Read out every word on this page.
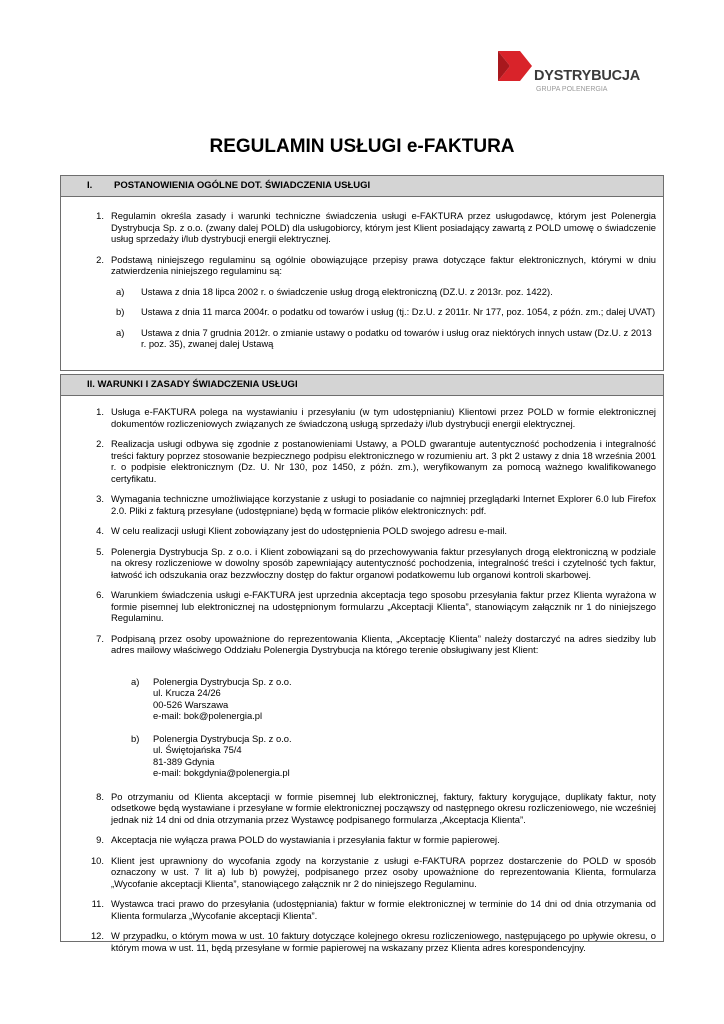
DYSTRYBUCJA
GRUPA POLENERGIA
REGULAMIN USŁUGI e-FAKTURA
I. POSTANOWIENIA OGÓLNE DOT. ŚWIADCZENIA USŁUGI
1. Regulamin określa zasady i warunki techniczne świadczenia usługi e-FAKTURA przez usługodawcę, którym jest Polenergia Dystrybucja Sp. z o.o. (zwany dalej POLD) dla usługobiorcy, którym jest Klient posiadający zawartą z POLD umowę o świadczenie usług sprzedaży i/lub dystrybucji energii elektrycznej.
2. Podstawą niniejszego regulaminu są ogólnie obowiązujące przepisy prawa dotyczące faktur elektronicznych, którymi w dniu zatwierdzenia niniejszego regulaminu są:
a) Ustawa z dnia 18 lipca 2002 r. o świadczenie usług drogą elektroniczną (DZ.U. z 2013r. poz. 1422).
b) Ustawa z dnia 11 marca 2004r. o podatku od towarów i usług (tj.: Dz.U. z 2011r. Nr 177, poz. 1054, z późn. zm.; dalej UVAT)
a) Ustawa z dnia 7 grudnia 2012r. o zmianie ustawy o podatku od towarów i usług oraz niektórych innych ustaw (Dz.U. z 2013 r. poz. 35), zwanej dalej Ustawą
II. WARUNKI I ZASADY ŚWIADCZENIA USŁUGI
1. Usługa e-FAKTURA polega na wystawianiu i przesyłaniu (w tym udostępnianiu) Klientowi przez POLD w formie elektronicznej dokumentów rozliczeniowych związanych ze świadczoną usługą sprzedaży i/lub dystrybucji energii elektrycznej.
2. Realizacja usługi odbywa się zgodnie z postanowieniami Ustawy, a POLD gwarantuje autentyczność pochodzenia i integralność treści faktury poprzez stosowanie bezpiecznego podpisu elektronicznego w rozumieniu art. 3 pkt 2 ustawy z dnia 18 września 2001 r. o podpisie elektronicznym (Dz. U. Nr 130, poz 1450, z późn. zm.), weryfikowanym za pomocą ważnego kwalifikowanego certyfikatu.
3. Wymagania techniczne umożliwiające korzystanie z usługi to posiadanie co najmniej przeglądarki Internet Explorer 6.0 lub Firefox 2.0. Pliki z fakturą przesyłane (udostępniane) będą w formacie plików elektronicznych: pdf.
4. W celu realizacji usługi Klient zobowiązany jest do udostępnienia POLD swojego adresu e-mail.
5. Polenergia Dystrybucja Sp. z o.o. i Klient zobowiązani są do przechowywania faktur przesyłanych drogą elektroniczną w podziale na okresy rozliczeniowe w dowolny sposób zapewniający autentyczność pochodzenia, integralność treści i czytelność tych faktur, łatwość ich odszukania oraz bezzwłoczny dostęp do faktur organowi podatkowemu lub organowi kontroli skarbowej.
6. Warunkiem świadczenia usługi e-FAKTURA jest uprzednia akceptacja tego sposobu przesyłania faktur przez Klienta wyrażona w formie pisemnej lub elektronicznej na udostępnionym formularzu „Akceptacji Klienta”, stanowiącym załącznik nr 1 do niniejszego Regulaminu.
7. Podpisaną przez osoby upoważnione do reprezentowania Klienta, „Akceptację Klienta” należy dostarczyć na adres siedziby lub adres mailowy właściwego Oddziału Polenergia Dystrybucja na którego terenie obsługiwany jest Klient:
a) Polenergia Dystrybucja Sp. z o.o.
ul. Krucza 24/26
00-526 Warszawa
e-mail: bok@polenergia.pl
b) Polenergia Dystrybucja Sp. z o.o.
ul. Świętojańska 75/4
81-389 Gdynia
e-mail: bokgdynia@polenergia.pl
8. Po otrzymaniu od Klienta akceptacji w formie pisemnej lub elektronicznej, faktury, faktury korygujące, duplikaty faktur, noty odsetkowe będą wystawiane i przesyłane w formie elektronicznej począwszy od następnego okresu rozliczeniowego, nie wcześniej jednak niż 14 dni od dnia otrzymania przez Wystawcę podpisanego formularza „Akceptacja Klienta”.
9. Akceptacja nie wyłącza prawa POLD do wystawiania i przesyłania faktur w formie papierowej.
10. Klient jest uprawniony do wycofania zgody na korzystanie z usługi e-FAKTURA poprzez dostarczenie do POLD w sposób oznaczony w ust. 7 lit a) lub b) powyżej, podpisanego przez osoby upoważnione do reprezentowania Klienta, formularza „Wycofanie akceptacji Klienta”, stanowiącego załącznik nr 2 do niniejszego Regulaminu.
11. Wystawca traci prawo do przesyłania (udostępniania) faktur w formie elektronicznej w terminie do 14 dni od dnia otrzymania od Klienta formularza „Wycofanie akceptacji Klienta”.
12. W przypadku, o którym mowa w ust. 10 faktury dotyczące kolejnego okresu rozliczeniowego, następującego po upływie okresu, o którym mowa w ust. 11, będą przesyłane w formie papierowej na wskazany przez Klienta adres korespondencyjny.
